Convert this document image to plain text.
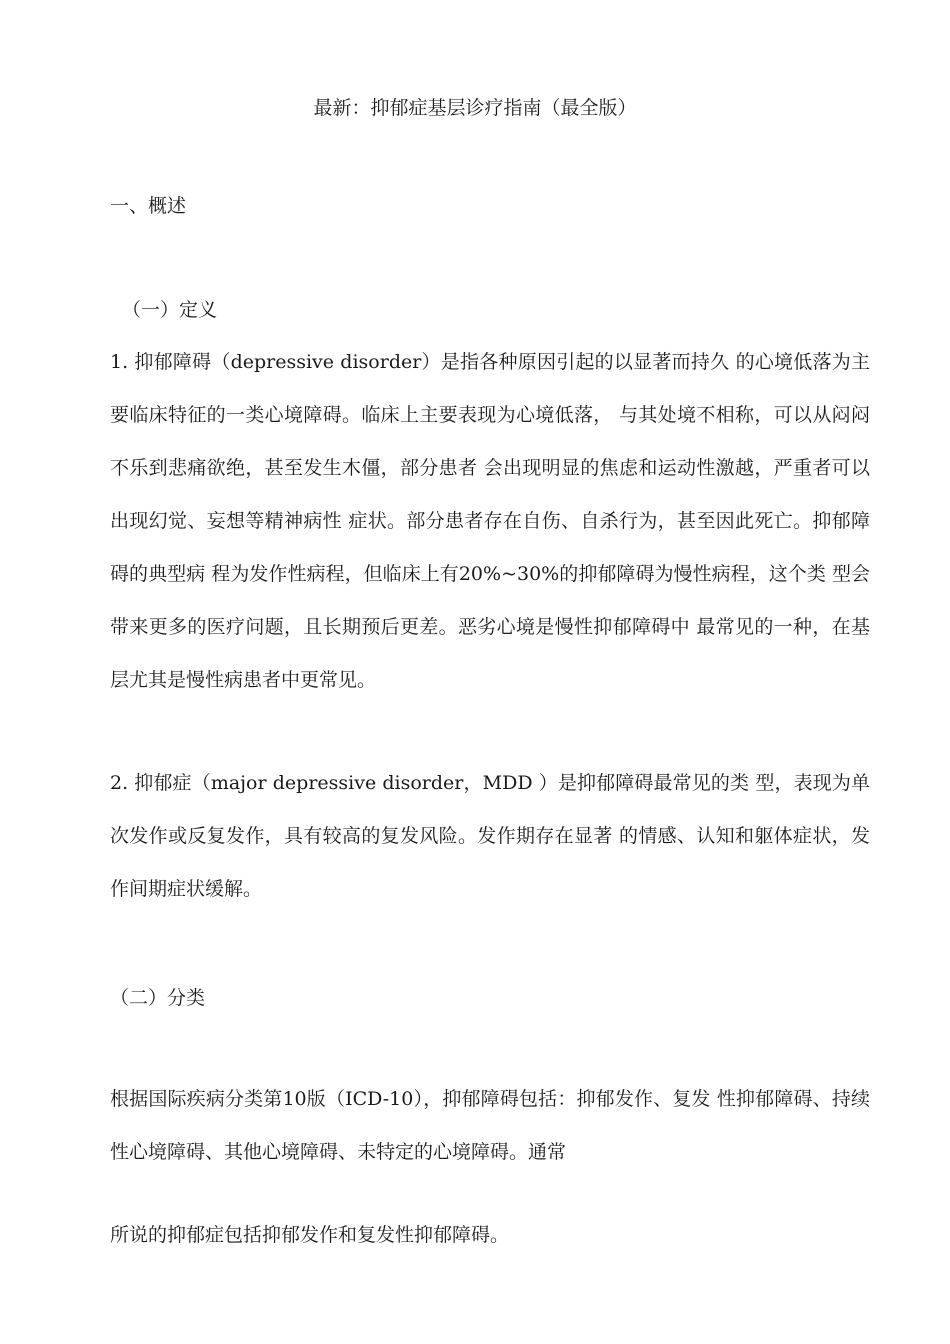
最新：抑郁症基层诊疗指南（最全版）
一、概述
（一）定义
1. 抑郁障碍（depressive disorder）是指各种原因引起的以显著而持久 的心境低落为主要临床特征的一类心境障碍。临床上主要表现为心境低落， 与其处境不相称，可以从闷闷不乐到悲痛欲绝，甚至发生木僵，部分患者 会出现明显的焦虑和运动性激越，严重者可以出现幻觉、妄想等精神病性 症状。部分患者存在自伤、自杀行为，甚至因此死亡。抑郁障碍的典型病 程为发作性病程，但临床上有20%~30%的抑郁障碍为慢性病程，这个类 型会带来更多的医疗问题，且长期预后更差。恶劣心境是慢性抑郁障碍中 最常见的一种，在基层尤其是慢性病患者中更常见。
2. 抑郁症（major depressive disorder，MDD ）是抑郁障碍最常见的类 型，表现为单次发作或反复发作，具有较高的复发风险。发作期存在显著 的情感、认知和躯体症状，发作间期症状缓解。
（二）分类
根据国际疾病分类第10版（ICD-10），抑郁障碍包括：抑郁发作、复发 性抑郁障碍、持续性心境障碍、其他心境障碍、未特定的心境障碍。通常
所说的抑郁症包括抑郁发作和复发性抑郁障碍。
